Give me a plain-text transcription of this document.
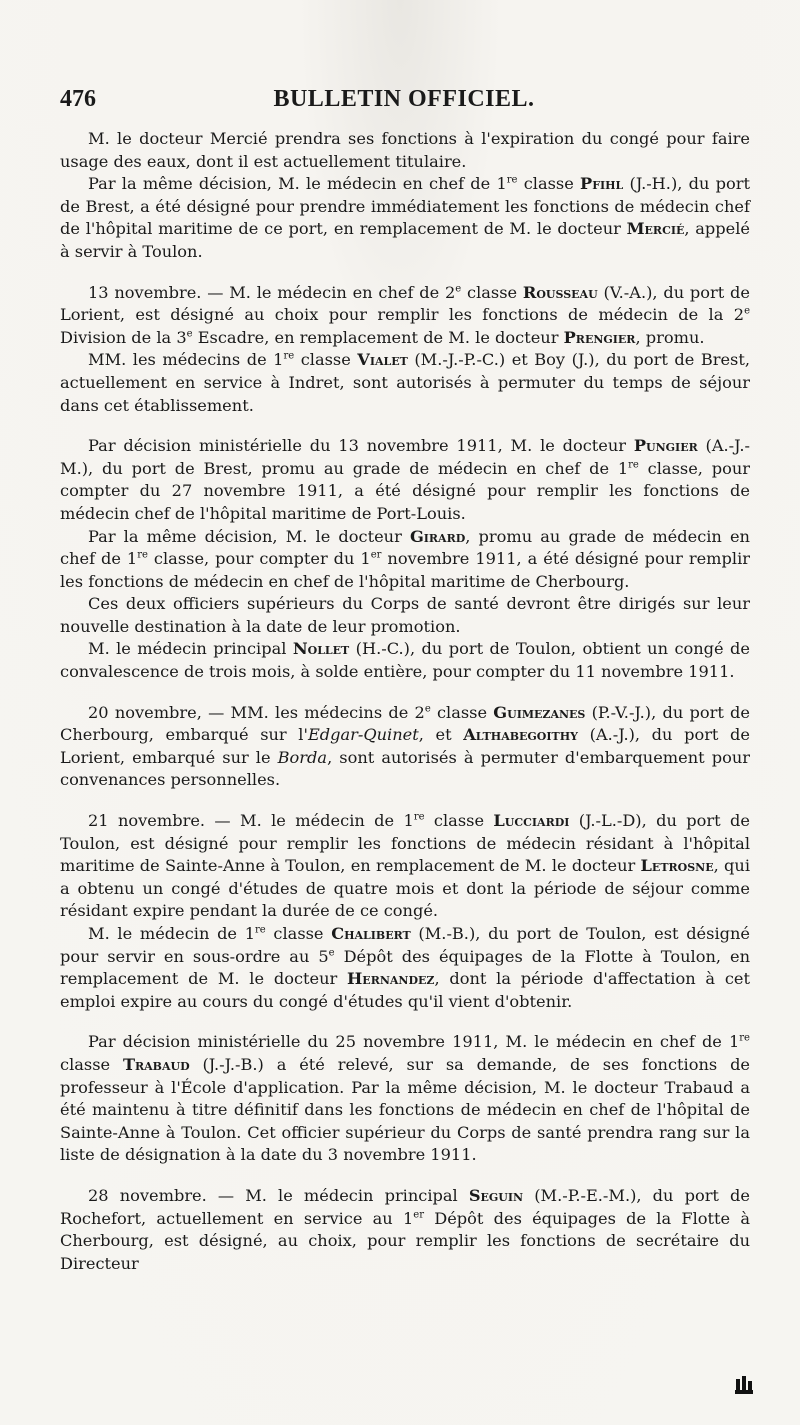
476	BULLETIN OFFICIEL.

M. le docteur Mercié prendra ses fonctions à l'expiration du congé pour faire usage des eaux, dont il est actuellement titulaire.

Par la même décision, M. le médecin en chef de 1re classe Pfihl (J.-H.), du port de Brest, a été désigné pour prendre immédiatement les fonctions de médecin chef de l'hôpital maritime de ce port, en remplacement de M. le docteur Mercié, appelé à servir à Toulon.

13 novembre. — M. le médecin en chef de 2e classe Rousseau (V.-A.), du port de Lorient, est désigné au choix pour remplir les fonctions de médecin de la 2e Division de la 3e Escadre, en remplacement de M. le docteur Prengier, promu.

MM. les médecins de 1re classe Vialet (M.-J.-P.-C.) et Boy (J.), du port de Brest, actuellement en service à Indret, sont autorisés à permuter du temps de séjour dans cet établissement.

Par décision ministérielle du 13 novembre 1911, M. le docteur Pungier (A.-J.-M.), du port de Brest, promu au grade de médecin en chef de 1re classe, pour compter du 27 novembre 1911, a été désigné pour remplir les fonctions de médecin chef de l'hôpital maritime de Port-Louis.

Par la même décision, M. le docteur Girard, promu au grade de médecin en chef de 1re classe, pour compter du 1er novembre 1911, a été désigné pour remplir les fonctions de médecin en chef de l'hôpital maritime de Cherbourg.

Ces deux officiers supérieurs du Corps de santé devront être dirigés sur leur nouvelle destination à la date de leur promotion.

M. le médecin principal Nollet (H.-C.), du port de Toulon, obtient un congé de convalescence de trois mois, à solde entière, pour compter du 11 novembre 1911.

20 novembre, — MM. les médecins de 2e classe Guimezanes (P.-V.-J.), du port de Cherbourg, embarqué sur l'Edgar-Quinet, et Althabegoithy (A.-J.), du port de Lorient, embarqué sur le Borda, sont autorisés à permuter d'embarquement pour convenances personnelles.

21 novembre. — M. le médecin de 1re classe Lucciardi (J.-L.-D), du port de Toulon, est désigné pour remplir les fonctions de médecin résidant à l'hôpital maritime de Sainte-Anne à Toulon, en remplacement de M. le docteur Letrosne, qui a obtenu un congé d'études de quatre mois et dont la période de séjour comme résidant expire pendant la durée de ce congé.

M. le médecin de 1re classe Chalibert (M.-B.), du port de Toulon, est désigné pour servir en sous-ordre au 5e Dépôt des équipages de la Flotte à Toulon, en remplacement de M. le docteur Hernandez, dont la période d'affectation à cet emploi expire au cours du congé d'études qu'il vient d'obtenir.

Par décision ministérielle du 25 novembre 1911, M. le médecin en chef de 1re classe Trabaud (J.-J.-B.) a été relevé, sur sa demande, de ses fonctions de professeur à l'École d'application. Par la même décision, M. le docteur Trabaud a été maintenu à titre définitif dans les fonctions de médecin en chef de l'hôpital de Sainte-Anne à Toulon. Cet officier supérieur du Corps de santé prendra rang sur la liste de désignation à la date du 3 novembre 1911.

28 novembre. — M. le médecin principal Seguin (M.-P.-E.-M.), du port de Rochefort, actuellement en service au 1er Dépôt des équipages de la Flotte à Cherbourg, est désigné, au choix, pour remplir les fonctions de secrétaire du Directeur
